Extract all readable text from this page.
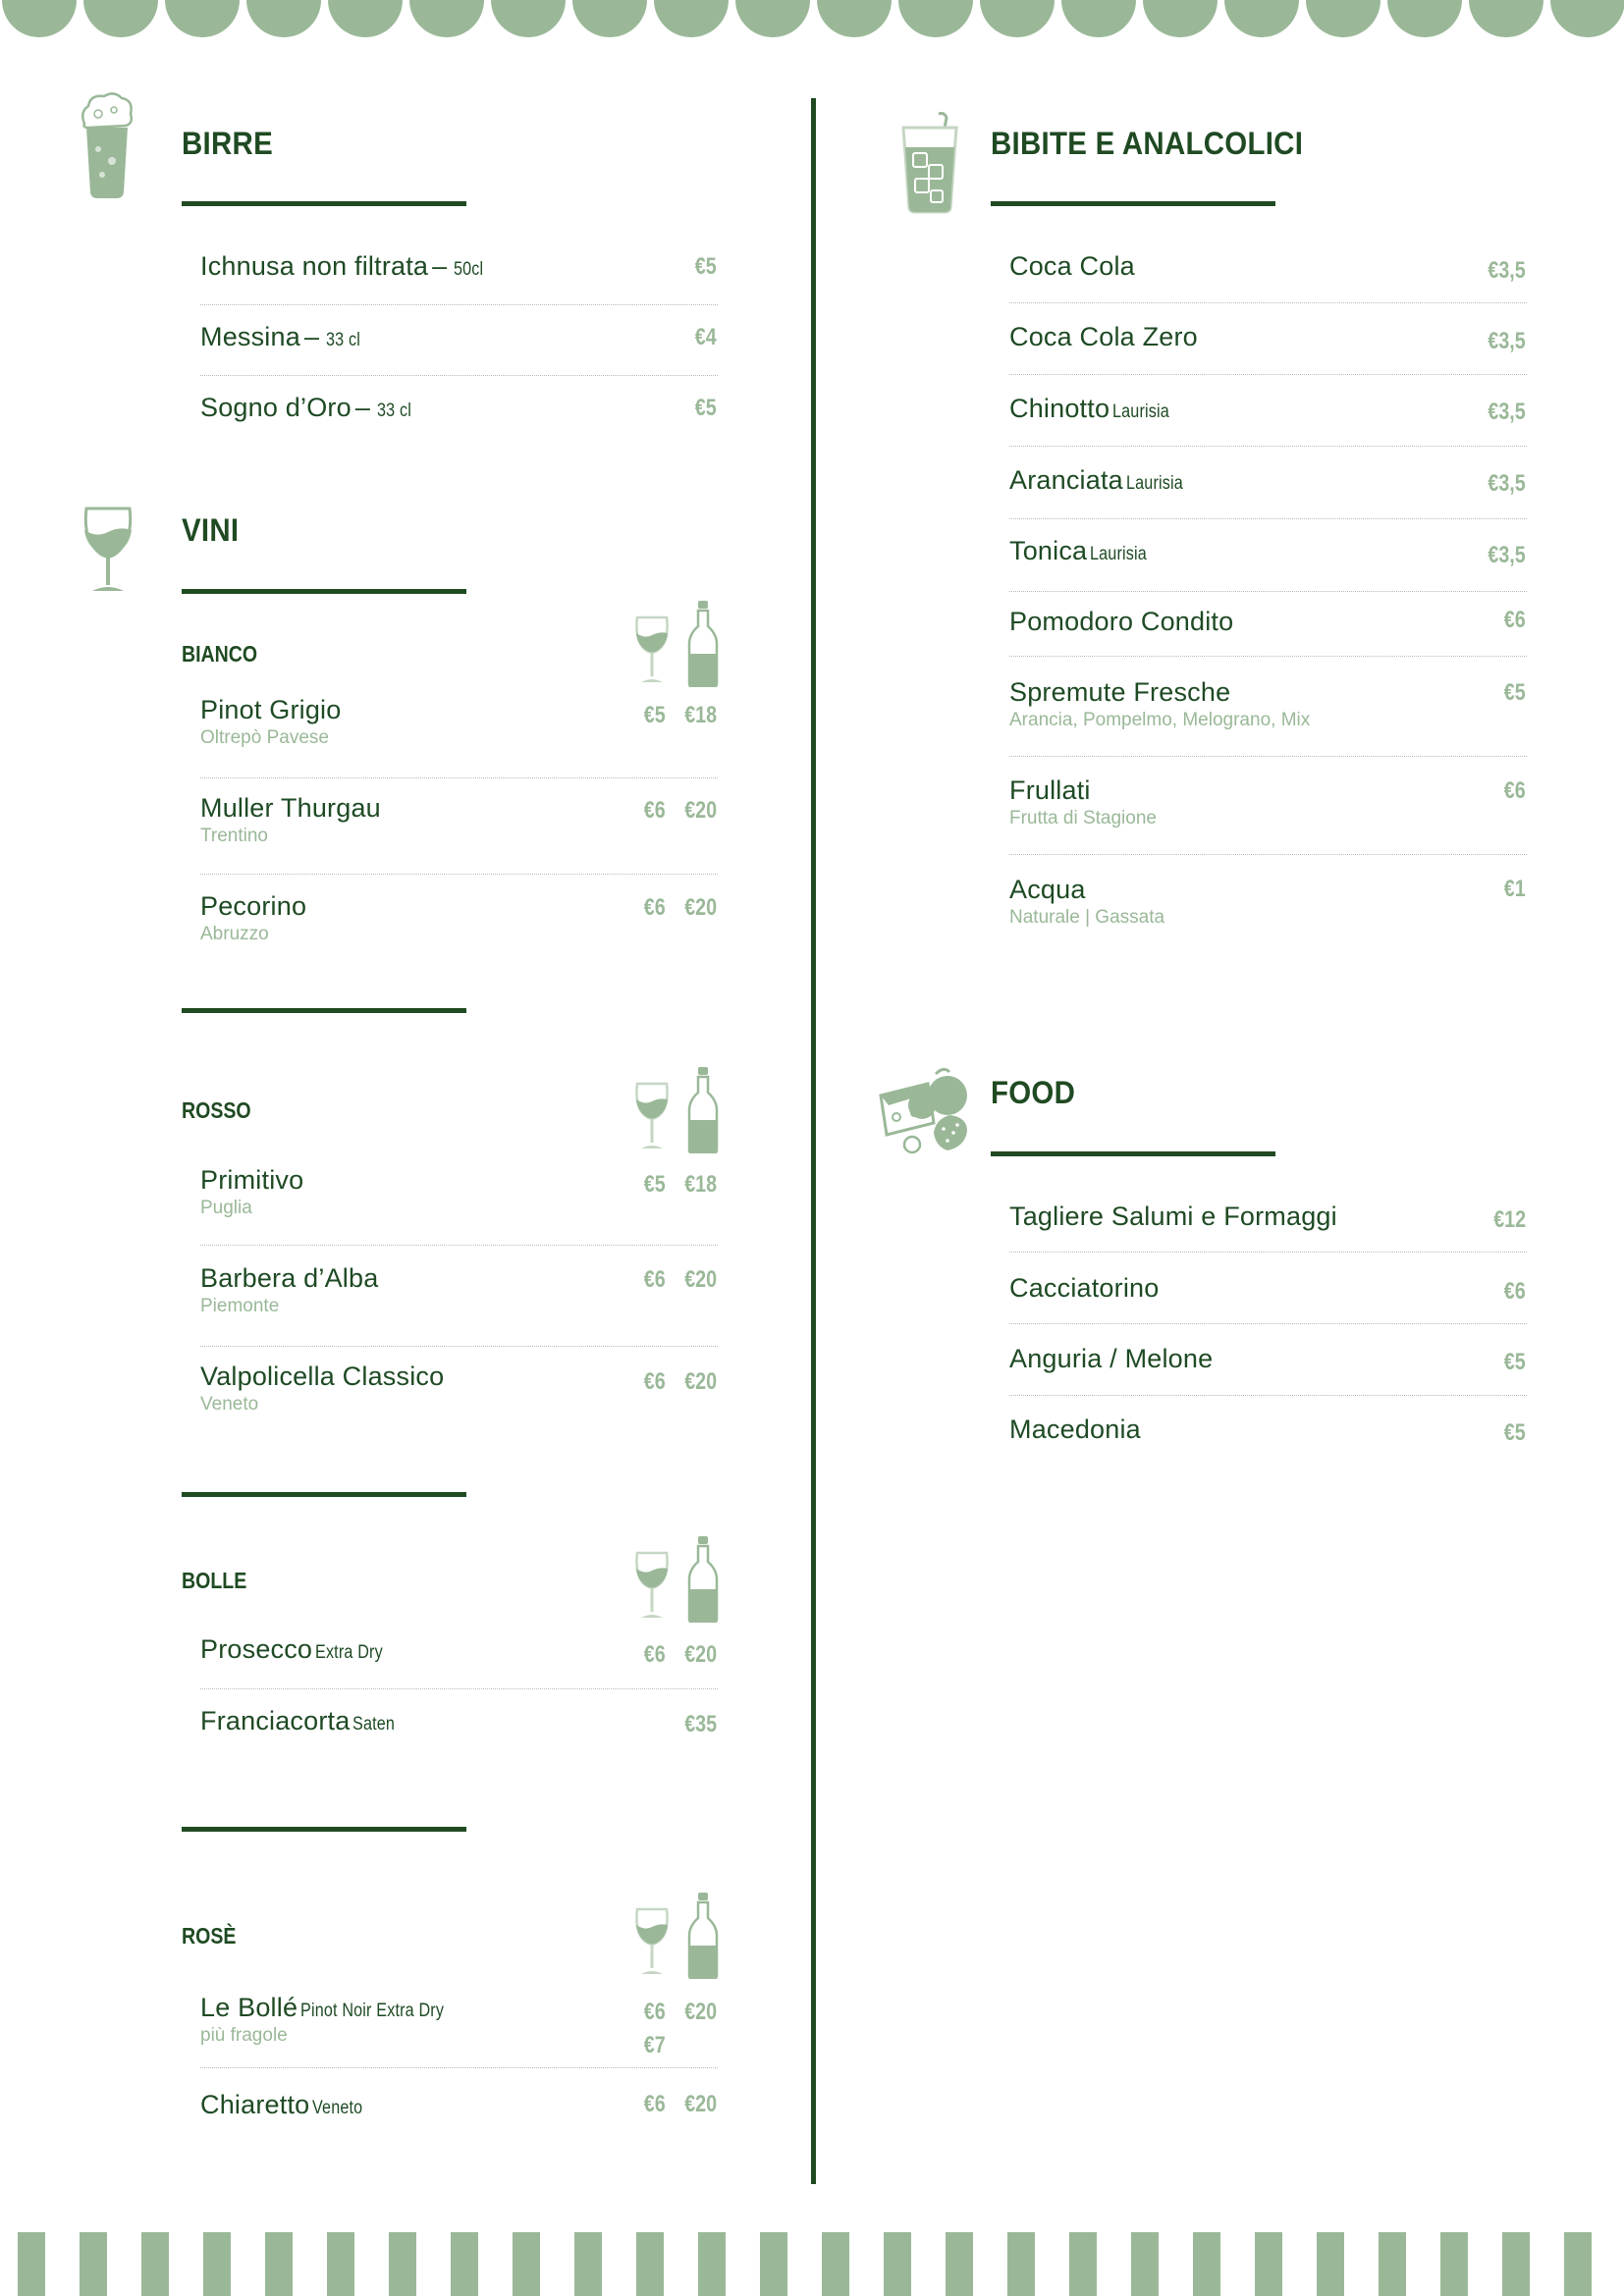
BIRRE
Ichnusa non filtrata – 50cl	€5
Messina – 33 cl	€4
Sogno d’Oro – 33 cl	€5
VINI
BIANCO
Pinot Grigio
Oltrepò Pavese
€5 €18
Muller Thurgau
Trentino
€6 €20
Pecorino
Abruzzo
€6 €20
ROSSO
Primitivo
Puglia
€5 €18
Barbera d’Alba
Piemonte
€6 €20
Valpolicella Classico
Veneto
€6 €20
BOLLE
Prosecco Extra Dry	€6 €20
Franciacorta Saten	€35
ROSÈ
Le Bollé Pinot Noir Extra Dry
più fragole
€6 €20
€7
Chiaretto Veneto	€6 €20
BIBITE E ANALCOLICI
Coca Cola	€3,5
Coca Cola Zero	€3,5
Chinotto Laurisia	€3,5
Aranciata Laurisia	€3,5
Tonica Laurisia	€3,5
Pomodoro Condito	€6
Spremute Fresche
Arancia, Pompelmo, Melograno, Mix
€5
Frullati
Frutta di Stagione
€6
Acqua
Naturale | Gassata
€1
FOOD
Tagliere Salumi e Formaggi	€12
Cacciatorino	€6
Anguria / Melone	€5
Macedonia	€5
